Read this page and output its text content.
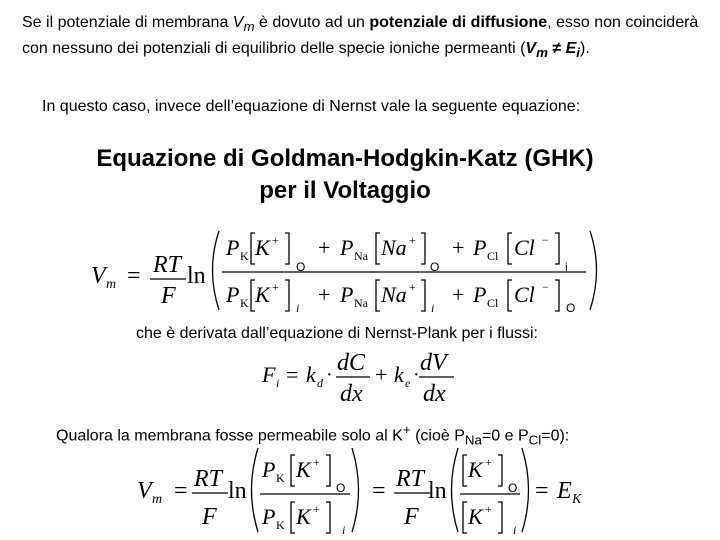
Se il potenziale di membrana $V_m$ è dovuto ad un potenziale di diffusione, esso non coinciderà con nessuno dei potenziali di equilibrio delle specie ioniche permeanti $(V_m \ne E_i)$.
In questo caso, invece dell’equazione di Nernst vale la seguente equazione:
Equazione di Goldman-Hodgkin-Katz (GHK)
per il Voltaggio
V m = RT
F
ln
P K K +
O
+ P Na Na +
O
+ P Cl Cl −
i
P K K +
i
+ P Na Na +
i
+ P Cl Cl −
O
che è derivata dall’equazione di Nernst-Plank per i flussi:
F i = k d · dC
dx
+ k e · dV
dx
Qualora la membrana fosse permeabile solo al K+ (cioè $P_{Na}=0$ e $P_{Cl}=0$):
V m = RT
F
ln
P K K +
O
P K K +
i
= RT
F
ln
K +
O
K +
i
= E K
